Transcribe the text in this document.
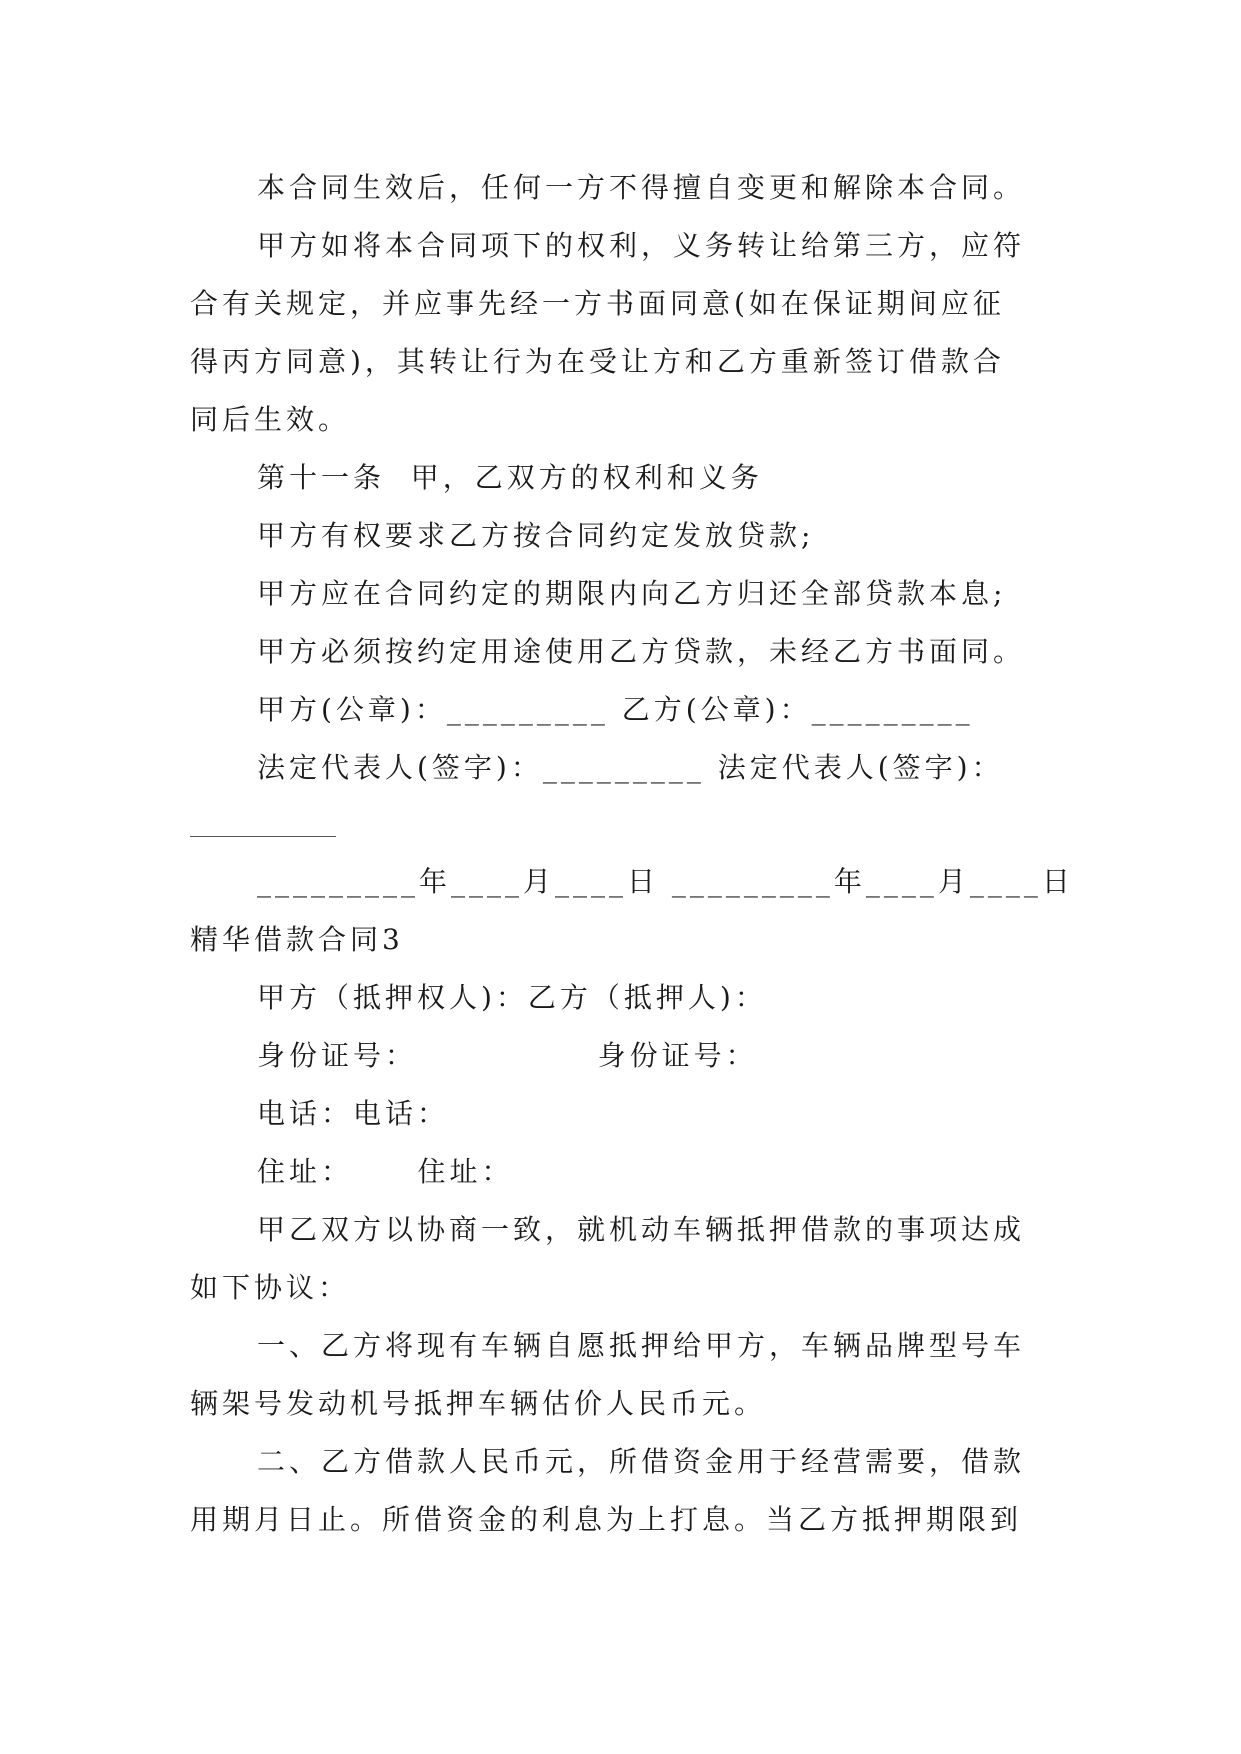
本合同生效后，任何一方不得擅自变更和解除本合同。
甲方如将本合同项下的权利，义务转让给第三方，应符
合有关规定，并应事先经一方书面同意(如在保证期间应征
得丙方同意)，其转让行为在受让方和乙方重新签订借款合
同后生效。
第十一条  甲，乙双方的权利和义务
甲方有权要求乙方按合同约定发放贷款;
甲方应在合同约定的期限内向乙方归还全部贷款本息;
甲方必须按约定用途使用乙方贷款，未经乙方书面同。
甲方(公章)：_________ 乙方(公章)：_________
法定代表人(签字)：_________ 法定代表人(签字)：
_________年____月____日 _________年____月____日
精华借款合同3
甲方（抵押权人)：乙方（抵押人)：
身份证号：              身份证号：
电话：电话：
住址：     住址：
甲乙双方以协商一致，就机动车辆抵押借款的事项达成
如下协议：
一、乙方将现有车辆自愿抵押给甲方，车辆品牌型号车
辆架号发动机号抵押车辆估价人民币元。
二、乙方借款人民币元，所借资金用于经营需要，借款
用期月日止。所借资金的利息为上打息。当乙方抵押期限到
